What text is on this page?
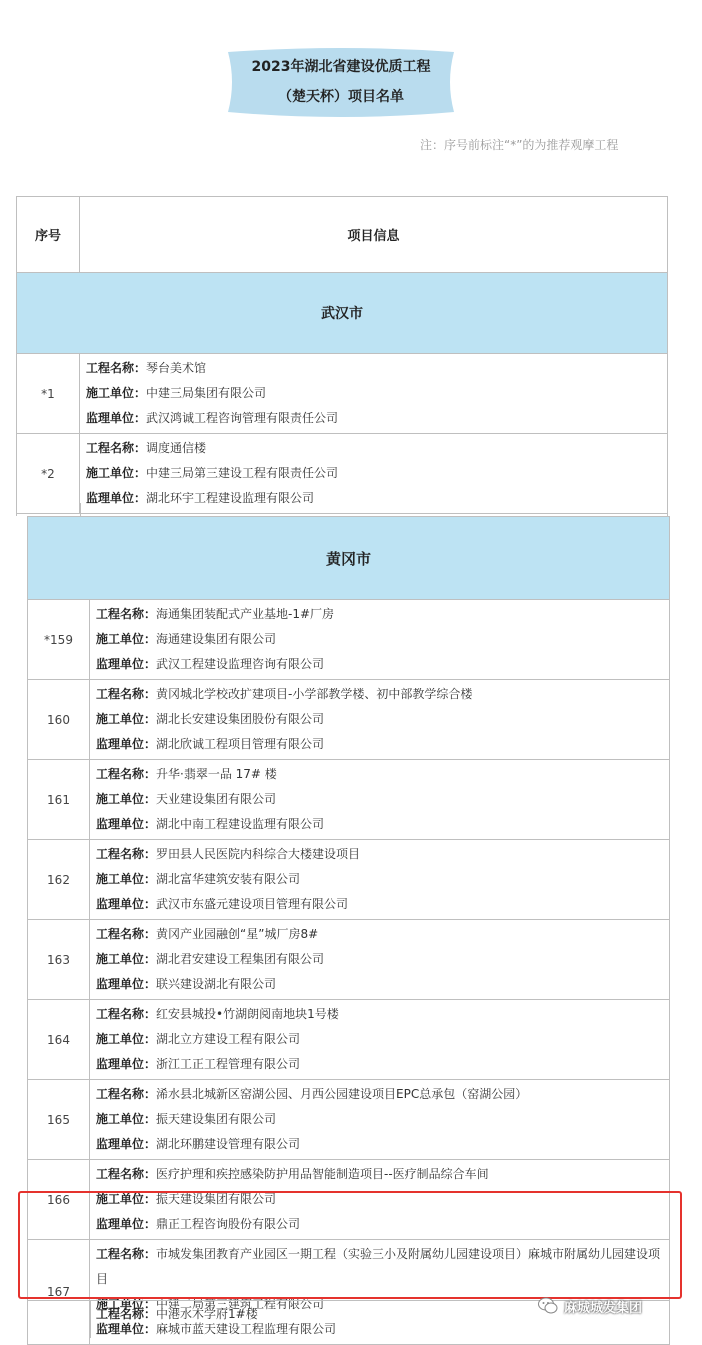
2023年湖北省建设优质工程
（楚天杯）项目名单
注：序号前标注“*”的为推荐观摩工程
序号	项目信息
武汉市	
*1	工程名称：琴台美术馆
施工单位：中建三局集团有限公司
监理单位：武汉鸿诚工程咨询管理有限责任公司

*2	工程名称：调度通信楼
施工单位：中建三局第三建设工程有限责任公司
监理单位：湖北环宇工程建设监理有限公司
黄冈市	
*159	工程名称：海通集团装配式产业基地-1#厂房
施工单位：海通建设集团有限公司
监理单位：武汉工程建设监理咨询有限公司

160	工程名称：黄冈城北学校改扩建项目-小学部教学楼、初中部教学综合楼
施工单位：湖北长安建设集团股份有限公司
监理单位：湖北欣诚工程项目管理有限公司

161	工程名称：升华·翡翠一品 17# 楼
施工单位：天业建设集团有限公司
监理单位：湖北中南工程建设监理有限公司

162	工程名称：罗田县人民医院内科综合大楼建设项目
施工单位：湖北富华建筑安装有限公司
监理单位：武汉市东盛元建设项目管理有限公司

163	工程名称：黄冈产业园融创“星”城厂房8#
施工单位：湖北君安建设工程集团有限公司
监理单位：联兴建设湖北有限公司

164	工程名称：红安县城投•竹湖朗阅南地块1号楼
施工单位：湖北立方建设工程有限公司
监理单位：浙江工正工程管理有限公司

165	工程名称：浠水县北城新区窑湖公园、月西公园建设项目EPC总承包（窑湖公园）
施工单位：振天建设集团有限公司
监理单位：湖北环鹏建设管理有限公司

166	工程名称：医疗护理和疾控感染防护用品智能制造项目--医疗制品综合车间
施工单位：振天建设集团有限公司
监理单位：鼎正工程咨询股份有限公司

167	工程名称：市城发集团教育产业园区一期工程（实验三小及附属幼儿园建设项目）麻城市附属幼儿园建设项目
施工单位：中建二局第三建筑工程有限公司
监理单位：麻城市蓝天建设工程监理有限公司
工程名称：中港水木学府1#楼	麻城城发集团
